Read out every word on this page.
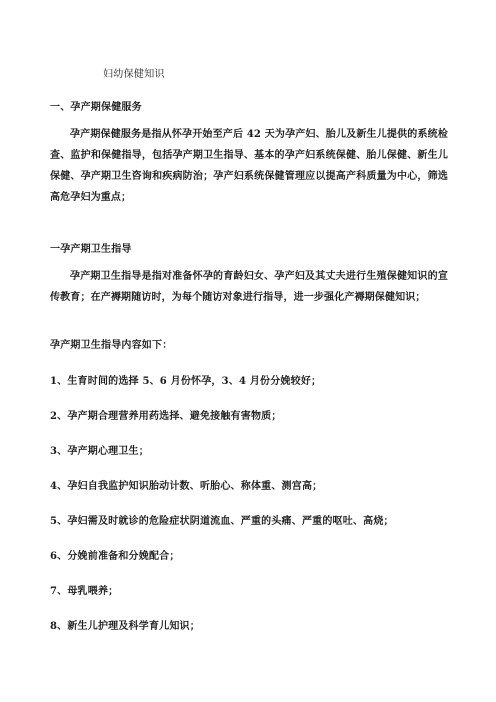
妇幼保健知识
一、孕产期保健服务
孕产期保健服务是指从怀孕开始至产后 42 天为孕产妇、胎儿及新生儿提供的系统检查、监护和保健指导，包括孕产期卫生指导、基本的孕产妇系统保健、胎儿保健、新生儿保健、孕产期卫生咨询和疾病防治；孕产妇系统保健管理应以提高产科质量为中心，筛选高危孕妇为重点；
一孕产期卫生指导
孕产期卫生指导是指对准备怀孕的育龄妇女、孕产妇及其丈夫进行生殖保健知识的宣传教育；在产褥期随访时，为每个随访对象进行指导，进一步强化产褥期保健知识；
孕产期卫生指导内容如下：
1、生育时间的选择 5、6 月份怀孕，3、4 月份分娩较好；
2、孕产期合理营养用药选择、避免接触有害物质；
3、孕产期心理卫生；
4、孕妇自我监护知识胎动计数、听胎心、称体重、测宫高；
5、孕妇需及时就诊的危险症状阴道流血、严重的头痛、严重的呕吐、高烧；
6、分娩前准备和分娩配合；
7、母乳喂养；
8、新生儿护理及科学育儿知识；
